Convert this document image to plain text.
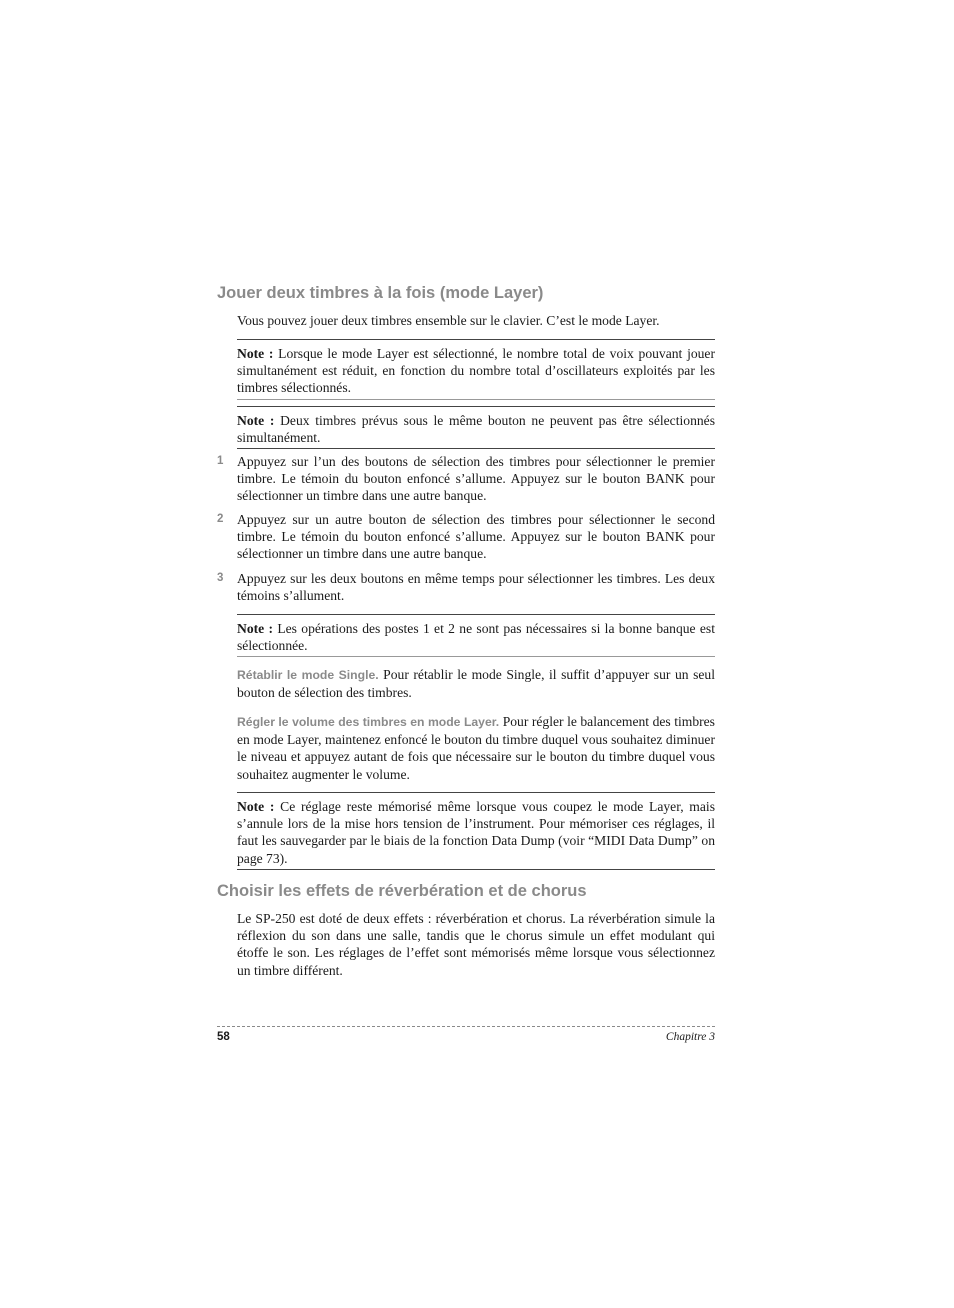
Jouer deux timbres à la fois (mode Layer)

Vous pouvez jouer deux timbres ensemble sur le clavier. C’est le mode Layer.

Note : Lorsque le mode Layer est sélectionné, le nombre total de voix pouvant jouer simultanément est réduit, en fonction du nombre total d’oscillateurs exploités par les timbres sélectionnés.

Note : Deux timbres prévus sous le même bouton ne peuvent pas être sélectionnés simultanément.

1 Appuyez sur l’un des boutons de sélection des timbres pour sélectionner le premier timbre. Le témoin du bouton enfoncé s’allume. Appuyez sur le bouton BANK pour sélectionner un timbre dans une autre banque.

2 Appuyez sur un autre bouton de sélection des timbres pour sélectionner le second timbre. Le témoin du bouton enfoncé s’allume. Appuyez sur le bouton BANK pour sélectionner un timbre dans une autre banque.

3 Appuyez sur les deux boutons en même temps pour sélectionner les timbres. Les deux témoins s’allument.

Note : Les opérations des postes 1 et 2 ne sont pas nécessaires si la bonne banque est sélectionnée.

Rétablir le mode Single. Pour rétablir le mode Single, il suffit d’appuyer sur un seul bouton de sélection des timbres.

Régler le volume des timbres en mode Layer. Pour régler le balancement des timbres en mode Layer, maintenez enfoncé le bouton du timbre duquel vous souhaitez diminuer le niveau et appuyez autant de fois que nécessaire sur le bouton du timbre duquel vous souhaitez augmenter le volume.

Note : Ce réglage reste mémorisé même lorsque vous coupez le mode Layer, mais s’annule lors de la mise hors tension de l’instrument. Pour mémoriser ces réglages, il faut les sauvegarder par le biais de la fonction Data Dump (voir “MIDI Data Dump” on page 73).

Choisir les effets de réverbération et de chorus

Le SP-250 est doté de deux effets : réverbération et chorus. La réverbération simule la réflexion du son dans une salle, tandis que le chorus simule un effet modulant qui étoffe le son. Les réglages de l’effet sont mémorisés même lorsque vous sélectionnez un timbre différent.

58	Chapitre 3
